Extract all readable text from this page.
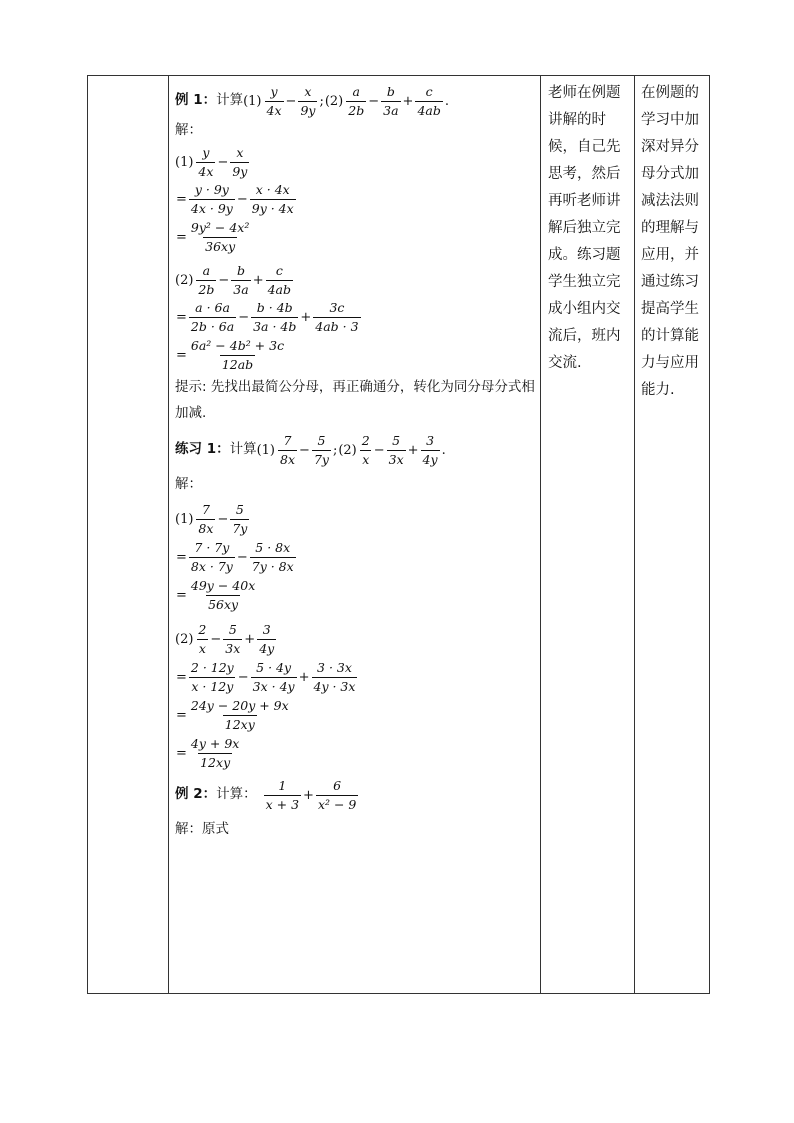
例 1： 计算 $(1) \frac{y}{4x} - \frac{x}{9y}$ ; $(2) \frac{a}{2b} - \frac{b}{3a} + \frac{c}{4ab}$ .
解：
$(1) \frac{y}{4x} - \frac{x}{9y}$
= $\frac{y \cdot 9y}{4x \cdot 9y} - \frac{x \cdot 4x}{9y \cdot 4x}$
= $\frac{\text{9y² − 4x²}}{36xy}$
$(2) \frac{a}{2b} - \frac{b}{3a} + \frac{c}{4ab}$
= $\frac{a \cdot 6a}{2b \cdot 6a} - \frac{b \cdot 4b}{3a \cdot 4b} + \frac{3c}{4ab \cdot 3}$
= $\frac{\text{6a² − 4b² + 3c}}{12ab}$
提示: 先找出最简公分母，再正确通分，转化为同分母分式相加减.
练习 1： 计算 $(1) \frac{7}{8x} - \frac{5}{7y}$ ; $(2) \frac{2}{x} - \frac{5}{3x} + \frac{3}{4y}$ .
解：
$(1) \frac{7}{8x} - \frac{5}{7y}$
= $\frac{7 \cdot 7y}{8x \cdot 7y} - \frac{5 \cdot 8x}{7y \cdot 8x}$
= $\frac{49y - 40x}{56xy}$
$(2) \frac{2}{x} - \frac{5}{3x} + \frac{3}{4y}$
= $\frac{2 \cdot 12y}{x \cdot 12y} - \frac{5 \cdot 4y}{3x \cdot 4y} + \frac{3 \cdot 3x}{4y \cdot 3x}$
= $\frac{24y - 20y + 9x}{12xy}$
= $\frac{4y + 9x}{12xy}$
例 2： 计算： $\frac{1}{x + 3} + \frac{6}{\text{x² − 9}}$
解：原式

老师在例题讲解的时候，自己先思考，然后再听老师讲解后独立完成。练习题学生独立完成小组内交流后，班内交流.

在例题的学习中加深对异分母分式加减法法则的理解与应用，并通过练习提高学生的计算能力与应用能力.
